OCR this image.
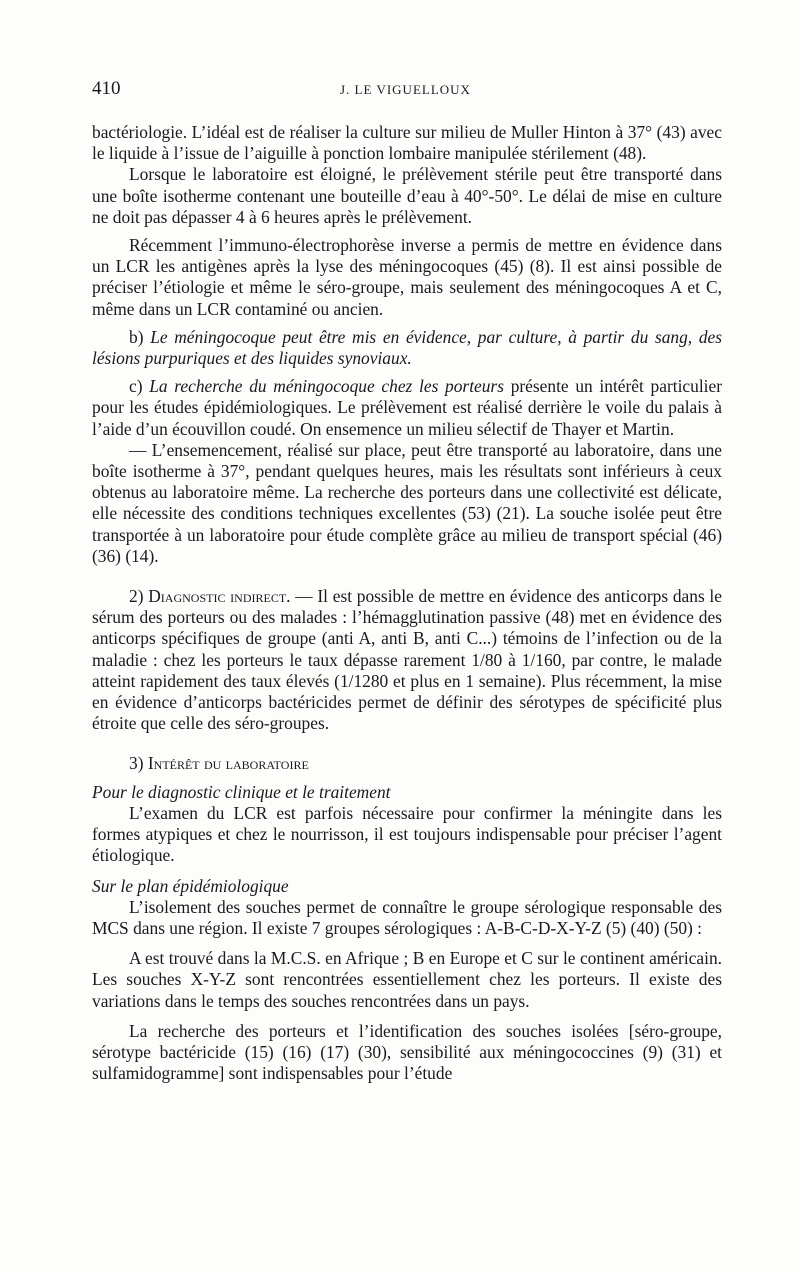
410	J. LE VIGUELLOUX

bactériologie. L’idéal est de réaliser la culture sur milieu de Muller Hinton à 37° (43) avec le liquide à l’issue de l’aiguille à ponction lombaire manipulée stérilement (48).

Lorsque le laboratoire est éloigné, le prélèvement stérile peut être transporté dans une boîte isotherme contenant une bouteille d’eau à 40°-50°. Le délai de mise en culture ne doit pas dépasser 4 à 6 heures après le prélèvement.

Récemment l’immuno-électrophorèse inverse a permis de mettre en évidence dans un LCR les antigènes après la lyse des méningocoques (45) (8). Il est ainsi possible de préciser l’étiologie et même le séro-groupe, mais seulement des méningocoques A et C, même dans un LCR contaminé ou ancien.

b) Le méningocoque peut être mis en évidence, par culture, à partir du sang, des lésions purpuriques et des liquides synoviaux.

c) La recherche du méningocoque chez les porteurs présente un intérêt particulier pour les études épidémiologiques. Le prélèvement est réalisé derrière le voile du palais à l’aide d’un écouvillon coudé. On ensemence un milieu sélectif de Thayer et Martin.

— L’ensemencement, réalisé sur place, peut être transporté au laboratoire, dans une boîte isotherme à 37°, pendant quelques heures, mais les résultats sont inférieurs à ceux obtenus au laboratoire même. La recherche des porteurs dans une collectivité est délicate, elle nécessite des conditions techniques excellentes (53) (21). La souche isolée peut être transportée à un laboratoire pour étude complète grâce au milieu de transport spécial (46) (36) (14).

2) Diagnostic indirect. — Il est possible de mettre en évidence des anticorps dans le sérum des porteurs ou des malades : l’hémagglutination passive (48) met en évidence des anticorps spécifiques de groupe (anti A, anti B, anti C...) témoins de l’infection ou de la maladie : chez les porteurs le taux dépasse rarement 1/80 à 1/160, par contre, le malade atteint rapidement des taux élevés (1/1280 et plus en 1 semaine). Plus récemment, la mise en évidence d’anticorps bactéricides permet de définir des sérotypes de spécificité plus étroite que celle des séro-groupes.

3) Intérêt du laboratoire

Pour le diagnostic clinique et le traitement

L’examen du LCR est parfois nécessaire pour confirmer la méningite dans les formes atypiques et chez le nourrisson, il est toujours indispensable pour préciser l’agent étiologique.

Sur le plan épidémiologique

L’isolement des souches permet de connaître le groupe sérologique responsable des MCS dans une région. Il existe 7 groupes sérologiques : A-B-C-D-X-Y-Z (5) (40) (50) :

A est trouvé dans la M.C.S. en Afrique ; B en Europe et C sur le continent américain. Les souches X-Y-Z sont rencontrées essentiellement chez les porteurs. Il existe des variations dans le temps des souches rencontrées dans un pays.

La recherche des porteurs et l’identification des souches isolées [séro-groupe, sérotype bactéricide (15) (16) (17) (30), sensibilité aux méningococcines (9) (31) et sulfamidogramme] sont indispensables pour l’étude
